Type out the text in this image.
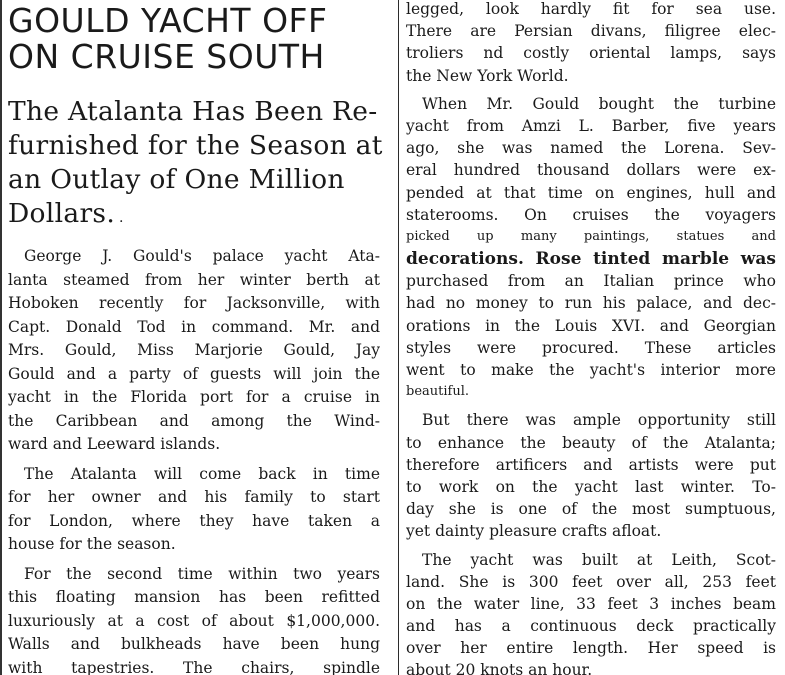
GOULD YACHT OFF
ON CRUISE SOUTH
The Atalanta Has Been Re-
furnished for the Season at
an Outlay of One Million
Dollars. .
George J. Gould's palace yacht Ata-
lanta steamed from her winter berth at
Hoboken recently for Jacksonville, with
Capt. Donald Tod in command. Mr. and
Mrs. Gould, Miss Marjorie Gould, Jay
Gould and a party of guests will join the
yacht in the Florida port for a cruise in
the Caribbean and among the Wind-
ward and Leeward islands.
The Atalanta will come back in time
for her owner and his family to start
for London, where they have taken a
house for the season.
For the second time within two years
this floating mansion has been refitted
luxuriously at a cost of about $1,000,000.
Walls and bulkheads have been hung
with tapestries. The chairs, spindle
legged, look hardly fit for sea use.
There are Persian divans, filigree elec-
troliers nd costly oriental lamps, says
the New York World.
When Mr. Gould bought the turbine
yacht from Amzi L. Barber, five years
ago, she was named the Lorena. Sev-
eral hundred thousand dollars were ex-
pended at that time on engines, hull and
staterooms. On cruises the voyagers
picked up many paintings, statues and
decorations. Rose tinted marble was
purchased from an Italian prince who
had no money to run his palace, and dec-
orations in the Louis XVI. and Georgian
styles were procured. These articles
went to make the yacht's interior more
beautiful.
But there was ample opportunity still
to enhance the beauty of the Atalanta;
therefore artificers and artists were put
to work on the yacht last winter. To-
day she is one of the most sumptuous,
yet dainty pleasure crafts afloat.
The yacht was built at Leith, Scot-
land. She is 300 feet over all, 253 feet
on the water line, 33 feet 3 inches beam
and has a continuous deck practically
over her entire length. Her speed is
about 20 knots an hour.
